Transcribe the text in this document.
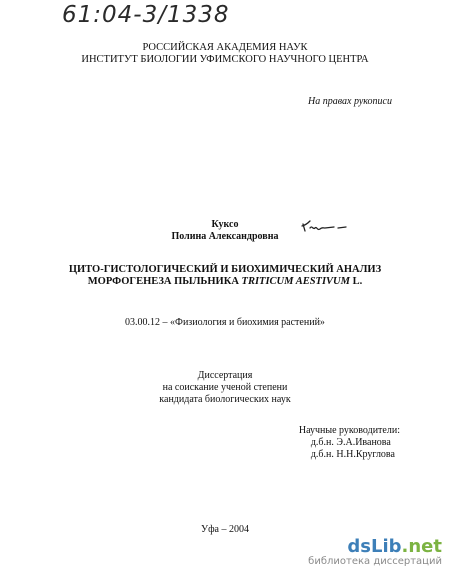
61:04-3/1338
РОССИЙСКАЯ АКАДЕМИЯ НАУК
ИНСТИТУТ БИОЛОГИИ УФИМСКОГО НАУЧНОГО ЦЕНТРА
На правах рукописи
Куксо
Полина Александровна
ЦИТО-ГИСТОЛОГИЧЕСКИЙ И БИОХИМИЧЕСКИЙ АНАЛИЗ
МОРФОГЕНЕЗА ПЫЛЬНИКА TRITICUM AESTIVUM L.
03.00.12 – «Физиология и биохимия растений»
Диссертация
на соискание ученой степени
кандидата биологических наук
Научные руководители:
д.б.н. Э.А.Иванова
д.б.н. Н.Н.Круглова
Уфа – 2004
dsLib.net
библиотека диссертаций
